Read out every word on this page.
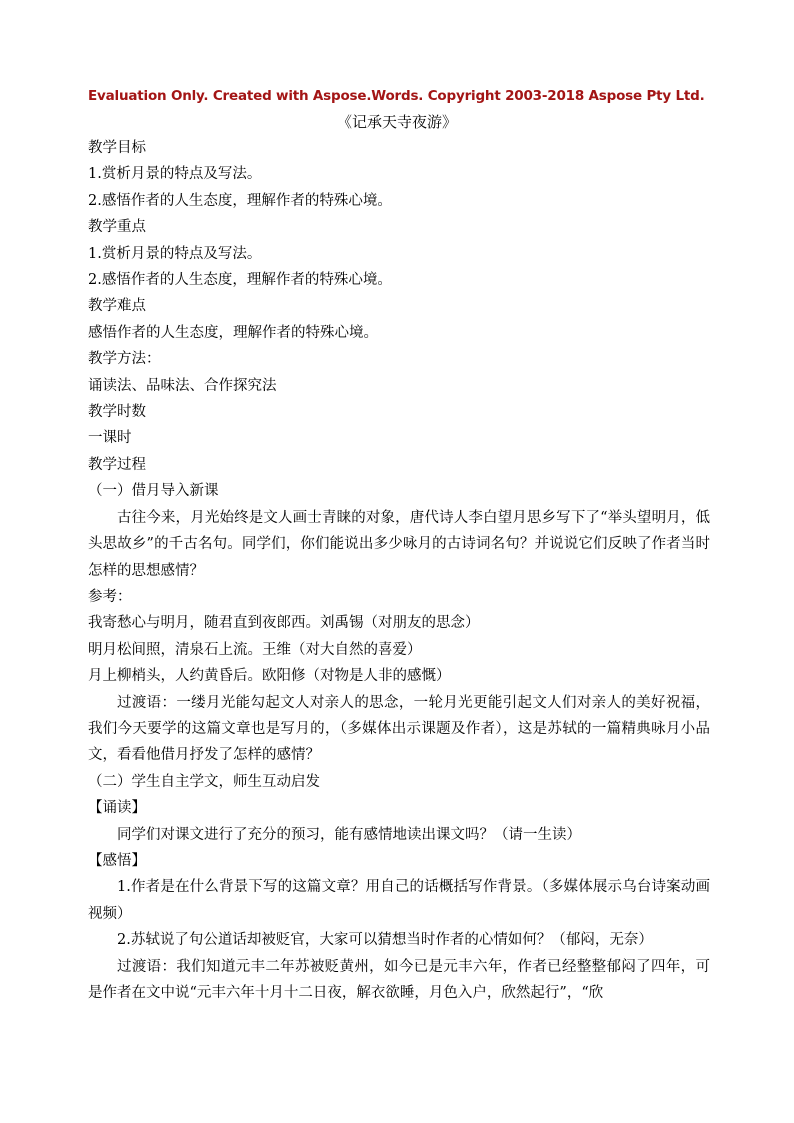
Evaluation Only. Created with Aspose.Words. Copyright 2003-2018 Aspose Pty Ltd.
《记承天寺夜游》

教学目标

1.赏析月景的特点及写法。

2.感悟作者的人生态度，理解作者的特殊心境。

教学重点

1.赏析月景的特点及写法。

2.感悟作者的人生态度，理解作者的特殊心境。

教学难点

感悟作者的人生态度，理解作者的特殊心境。

教学方法：

诵读法、品味法、合作探究法

教学时数

一课时

教学过程

（一）借月导入新课

古往今来，月光始终是文人画士青睐的对象，唐代诗人李白望月思乡写下了“举头望明月，低头思故乡”的千古名句。同学们，你们能说出多少咏月的古诗词名句？并说说它们反映了作者当时怎样的思想感情？

参考：

我寄愁心与明月，随君直到夜郎西。刘禹锡（对朋友的思念）

明月松间照，清泉石上流。王维（对大自然的喜爱）

月上柳梢头，人约黄昏后。欧阳修（对物是人非的感慨）

过渡语：一缕月光能勾起文人对亲人的思念，一轮月光更能引起文人们对亲人的美好祝福，我们今天要学的这篇文章也是写月的，（多媒体出示课题及作者），这是苏轼的一篇精典咏月小品文，看看他借月抒发了怎样的感情？

（二）学生自主学文，师生互动启发

【诵读】

同学们对课文进行了充分的预习，能有感情地读出课文吗？（请一生读）

【感悟】

1.作者是在什么背景下写的这篇文章？用自己的话概括写作背景。（多媒体展示乌台诗案动画视频）

2.苏轼说了句公道话却被贬官，大家可以猜想当时作者的心情如何？（郁闷，无奈）

过渡语：我们知道元丰二年苏被贬黄州，如今已是元丰六年，作者已经整整郁闷了四年，可是作者在文中说“元丰六年十月十二日夜，解衣欲睡，月色入户，欣然起行”，“欣
